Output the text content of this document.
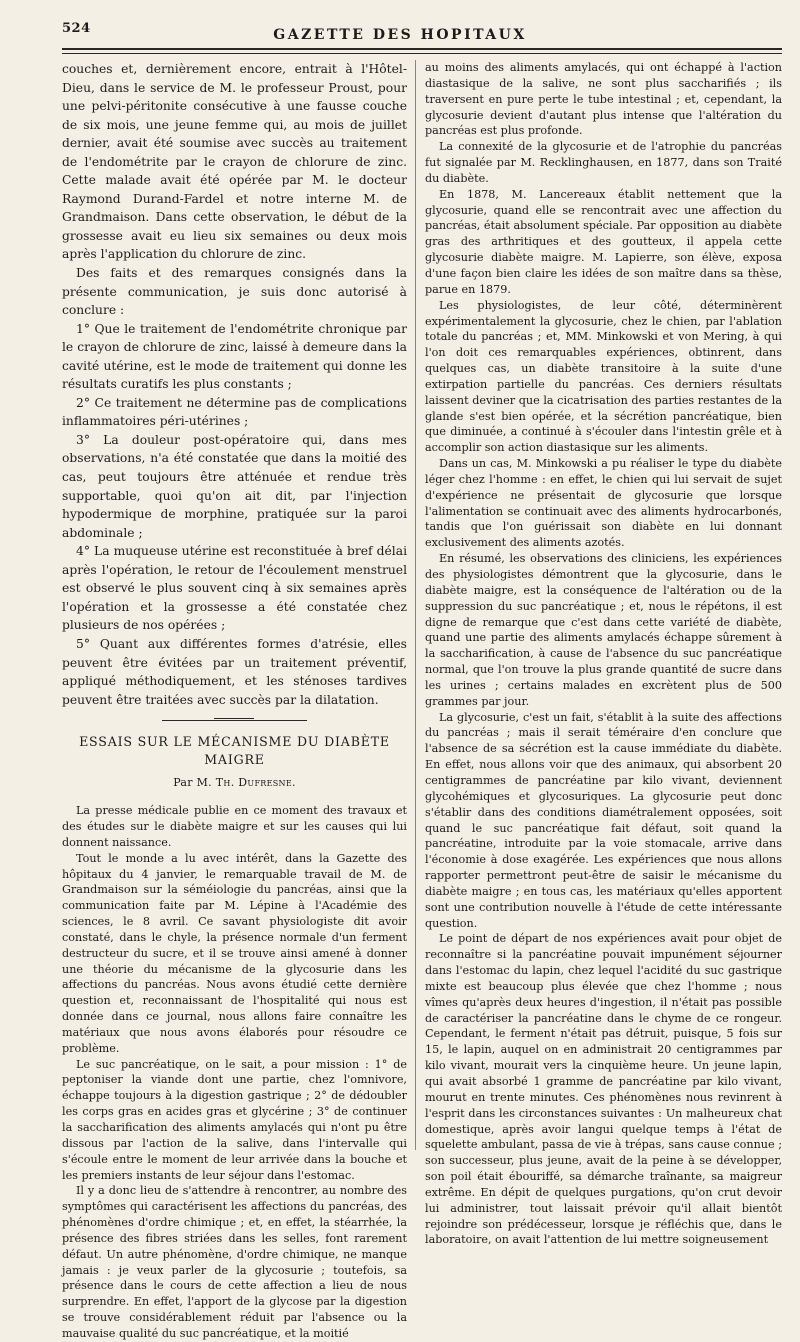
524	GAZETTE DES HOPITAUX

couches et, dernièrement encore, entrait à l'Hôtel-Dieu, dans le service de M. le professeur Proust, pour une pelvi-péritonite consécutive à une fausse couche de six mois, une jeune femme qui, au mois de juillet dernier, avait été soumise avec succès au traitement de l'endométrite par le crayon de chlorure de zinc. Cette malade avait été opérée par M. le docteur Raymond Durand-Fardel et notre interne M. de Grandmaison. Dans cette observation, le début de la grossesse avait eu lieu six semaines ou deux mois après l'application du chlorure de zinc.

Des faits et des remarques consignés dans la présente communication, je suis donc autorisé à conclure :

1° Que le traitement de l'endométrite chronique par le crayon de chlorure de zinc, laissé à demeure dans la cavité utérine, est le mode de traitement qui donne les résultats curatifs les plus constants ;

2° Ce traitement ne détermine pas de complications inflammatoires péri-utérines ;

3° La douleur post-opératoire qui, dans mes observations, n'a été constatée que dans la moitié des cas, peut toujours être atténuée et rendue très supportable, quoi qu'on ait dit, par l'injection hypodermique de morphine, pratiquée sur la paroi abdominale ;

4° La muqueuse utérine est reconstituée à bref délai après l'opération, le retour de l'écoulement menstruel est observé le plus souvent cinq à six semaines après l'opération et la grossesse a été constatée chez plusieurs de nos opérées ;

5° Quant aux différentes formes d'atrésie, elles peuvent être évitées par un traitement préventif, appliqué méthodiquement, et les sténoses tardives peuvent être traitées avec succès par la dilatation.

ESSAIS SUR LE MÉCANISME DU DIABÈTE MAIGRE
Par M. Th. Dufresne.

La presse médicale publie en ce moment des travaux et des études sur le diabète maigre et sur les causes qui lui donnent naissance.

Tout le monde a lu avec intérêt, dans la Gazette des hôpitaux du 4 janvier, le remarquable travail de M. de Grandmaison sur la séméiologie du pancréas, ainsi que la communication faite par M. Lépine à l'Académie des sciences, le 8 avril. Ce savant physiologiste dit avoir constaté, dans le chyle, la présence normale d'un ferment destructeur du sucre, et il se trouve ainsi amené à donner une théorie du mécanisme de la glycosurie dans les affections du pancréas. Nous avons étudié cette dernière question et, reconnaissant de l'hospitalité qui nous est donnée dans ce journal, nous allons faire connaître les matériaux que nous avons élaborés pour résoudre ce problème.

Le suc pancréatique, on le sait, a pour mission : 1° de peptoniser la viande dont une partie, chez l'omnivore, échappe toujours à la digestion gastrique ; 2° de dédoubler les corps gras en acides gras et glycérine ; 3° de continuer la saccharification des aliments amylacés qui n'ont pu être dissous par l'action de la salive, dans l'intervalle qui s'écoule entre le moment de leur arrivée dans la bouche et les premiers instants de leur séjour dans l'estomac.

Il y a donc lieu de s'attendre à rencontrer, au nombre des symptômes qui caractérisent les affections du pancréas, des phénomènes d'ordre chimique ; et, en effet, la stéarrhée, la présence des fibres striées dans les selles, font rarement défaut. Un autre phénomène, d'ordre chimique, ne manque jamais : je veux parler de la glycosurie ; toutefois, sa présence dans le cours de cette affection a lieu de nous surprendre. En effet, l'apport de la glycose par la digestion se trouve considérablement réduit par l'absence ou la mauvaise qualité du suc pancréatique, et la moitié

au moins des aliments amylacés, qui ont échappé à l'action diastasique de la salive, ne sont plus saccharifiés ; ils traversent en pure perte le tube intestinal ; et, cependant, la glycosurie devient d'autant plus intense que l'altération du pancréas est plus profonde.

La connexité de la glycosurie et de l'atrophie du pancréas fut signalée par M. Recklinghausen, en 1877, dans son Traité du diabète.

En 1878, M. Lancereaux établit nettement que la glycosurie, quand elle se rencontrait avec une affection du pancréas, était absolument spéciale. Par opposition au diabète gras des arthritiques et des goutteux, il appela cette glycosurie diabète maigre. M. Lapierre, son élève, exposa d'une façon bien claire les idées de son maître dans sa thèse, parue en 1879.

Les physiologistes, de leur côté, déterminèrent expérimentalement la glycosurie, chez le chien, par l'ablation totale du pancréas ; et, MM. Minkowski et von Mering, à qui l'on doit ces remarquables expériences, obtinrent, dans quelques cas, un diabète transitoire à la suite d'une extirpation partielle du pancréas. Ces derniers résultats laissent deviner que la cicatrisation des parties restantes de la glande s'est bien opérée, et la sécrétion pancréatique, bien que diminuée, a continué à s'écouler dans l'intestin grêle et à accomplir son action diastasique sur les aliments.

Dans un cas, M. Minkowski a pu réaliser le type du diabète léger chez l'homme : en effet, le chien qui lui servait de sujet d'expérience ne présentait de glycosurie que lorsque l'alimentation se continuait avec des aliments hydrocarbonés, tandis que l'on guérissait son diabète en lui donnant exclusivement des aliments azotés.

En résumé, les observations des cliniciens, les expériences des physiologistes démontrent que la glycosurie, dans le diabète maigre, est la conséquence de l'altération ou de la suppression du suc pancréatique ; et, nous le répétons, il est digne de remarque que c'est dans cette variété de diabète, quand une partie des aliments amylacés échappe sûrement à la saccharification, à cause de l'absence du suc pancréatique normal, que l'on trouve la plus grande quantité de sucre dans les urines ; certains malades en excrètent plus de 500 grammes par jour.

La glycosurie, c'est un fait, s'établit à la suite des affections du pancréas ; mais il serait téméraire d'en conclure que l'absence de sa sécrétion est la cause immédiate du diabète. En effet, nous allons voir que des animaux, qui absorbent 20 centigrammes de pancréatine par kilo vivant, deviennent glycohémiques et glycosuriques. La glycosurie peut donc s'établir dans des conditions diamétralement opposées, soit quand le suc pancréatique fait défaut, soit quand la pancréatine, introduite par la voie stomacale, arrive dans l'économie à dose exagérée. Les expériences que nous allons rapporter permettront peut-être de saisir le mécanisme du diabète maigre ; en tous cas, les matériaux qu'elles apportent sont une contribution nouvelle à l'étude de cette intéressante question.

Le point de départ de nos expériences avait pour objet de reconnaître si la pancréatine pouvait impunément séjourner dans l'estomac du lapin, chez lequel l'acidité du suc gastrique mixte est beaucoup plus élevée que chez l'homme ; nous vîmes qu'après deux heures d'ingestion, il n'était pas possible de caractériser la pancréatine dans le chyme de ce rongeur. Cependant, le ferment n'était pas détruit, puisque, 5 fois sur 15, le lapin, auquel on en administrait 20 centigrammes par kilo vivant, mourait vers la cinquième heure. Un jeune lapin, qui avait absorbé 1 gramme de pancréatine par kilo vivant, mourut en trente minutes. Ces phénomènes nous revinrent à l'esprit dans les circonstances suivantes : Un malheureux chat domestique, après avoir langui quelque temps à l'état de squelette ambulant, passa de vie à trépas, sans cause connue ; son successeur, plus jeune, avait de la peine à se développer, son poil était ébouriffé, sa démarche traînante, sa maigreur extrême. En dépit de quelques purgations, qu'on crut devoir lui administrer, tout laissait prévoir qu'il allait bientôt rejoindre son prédécesseur, lorsque je réfléchis que, dans le laboratoire, on avait l'attention de lui mettre soigneusement
